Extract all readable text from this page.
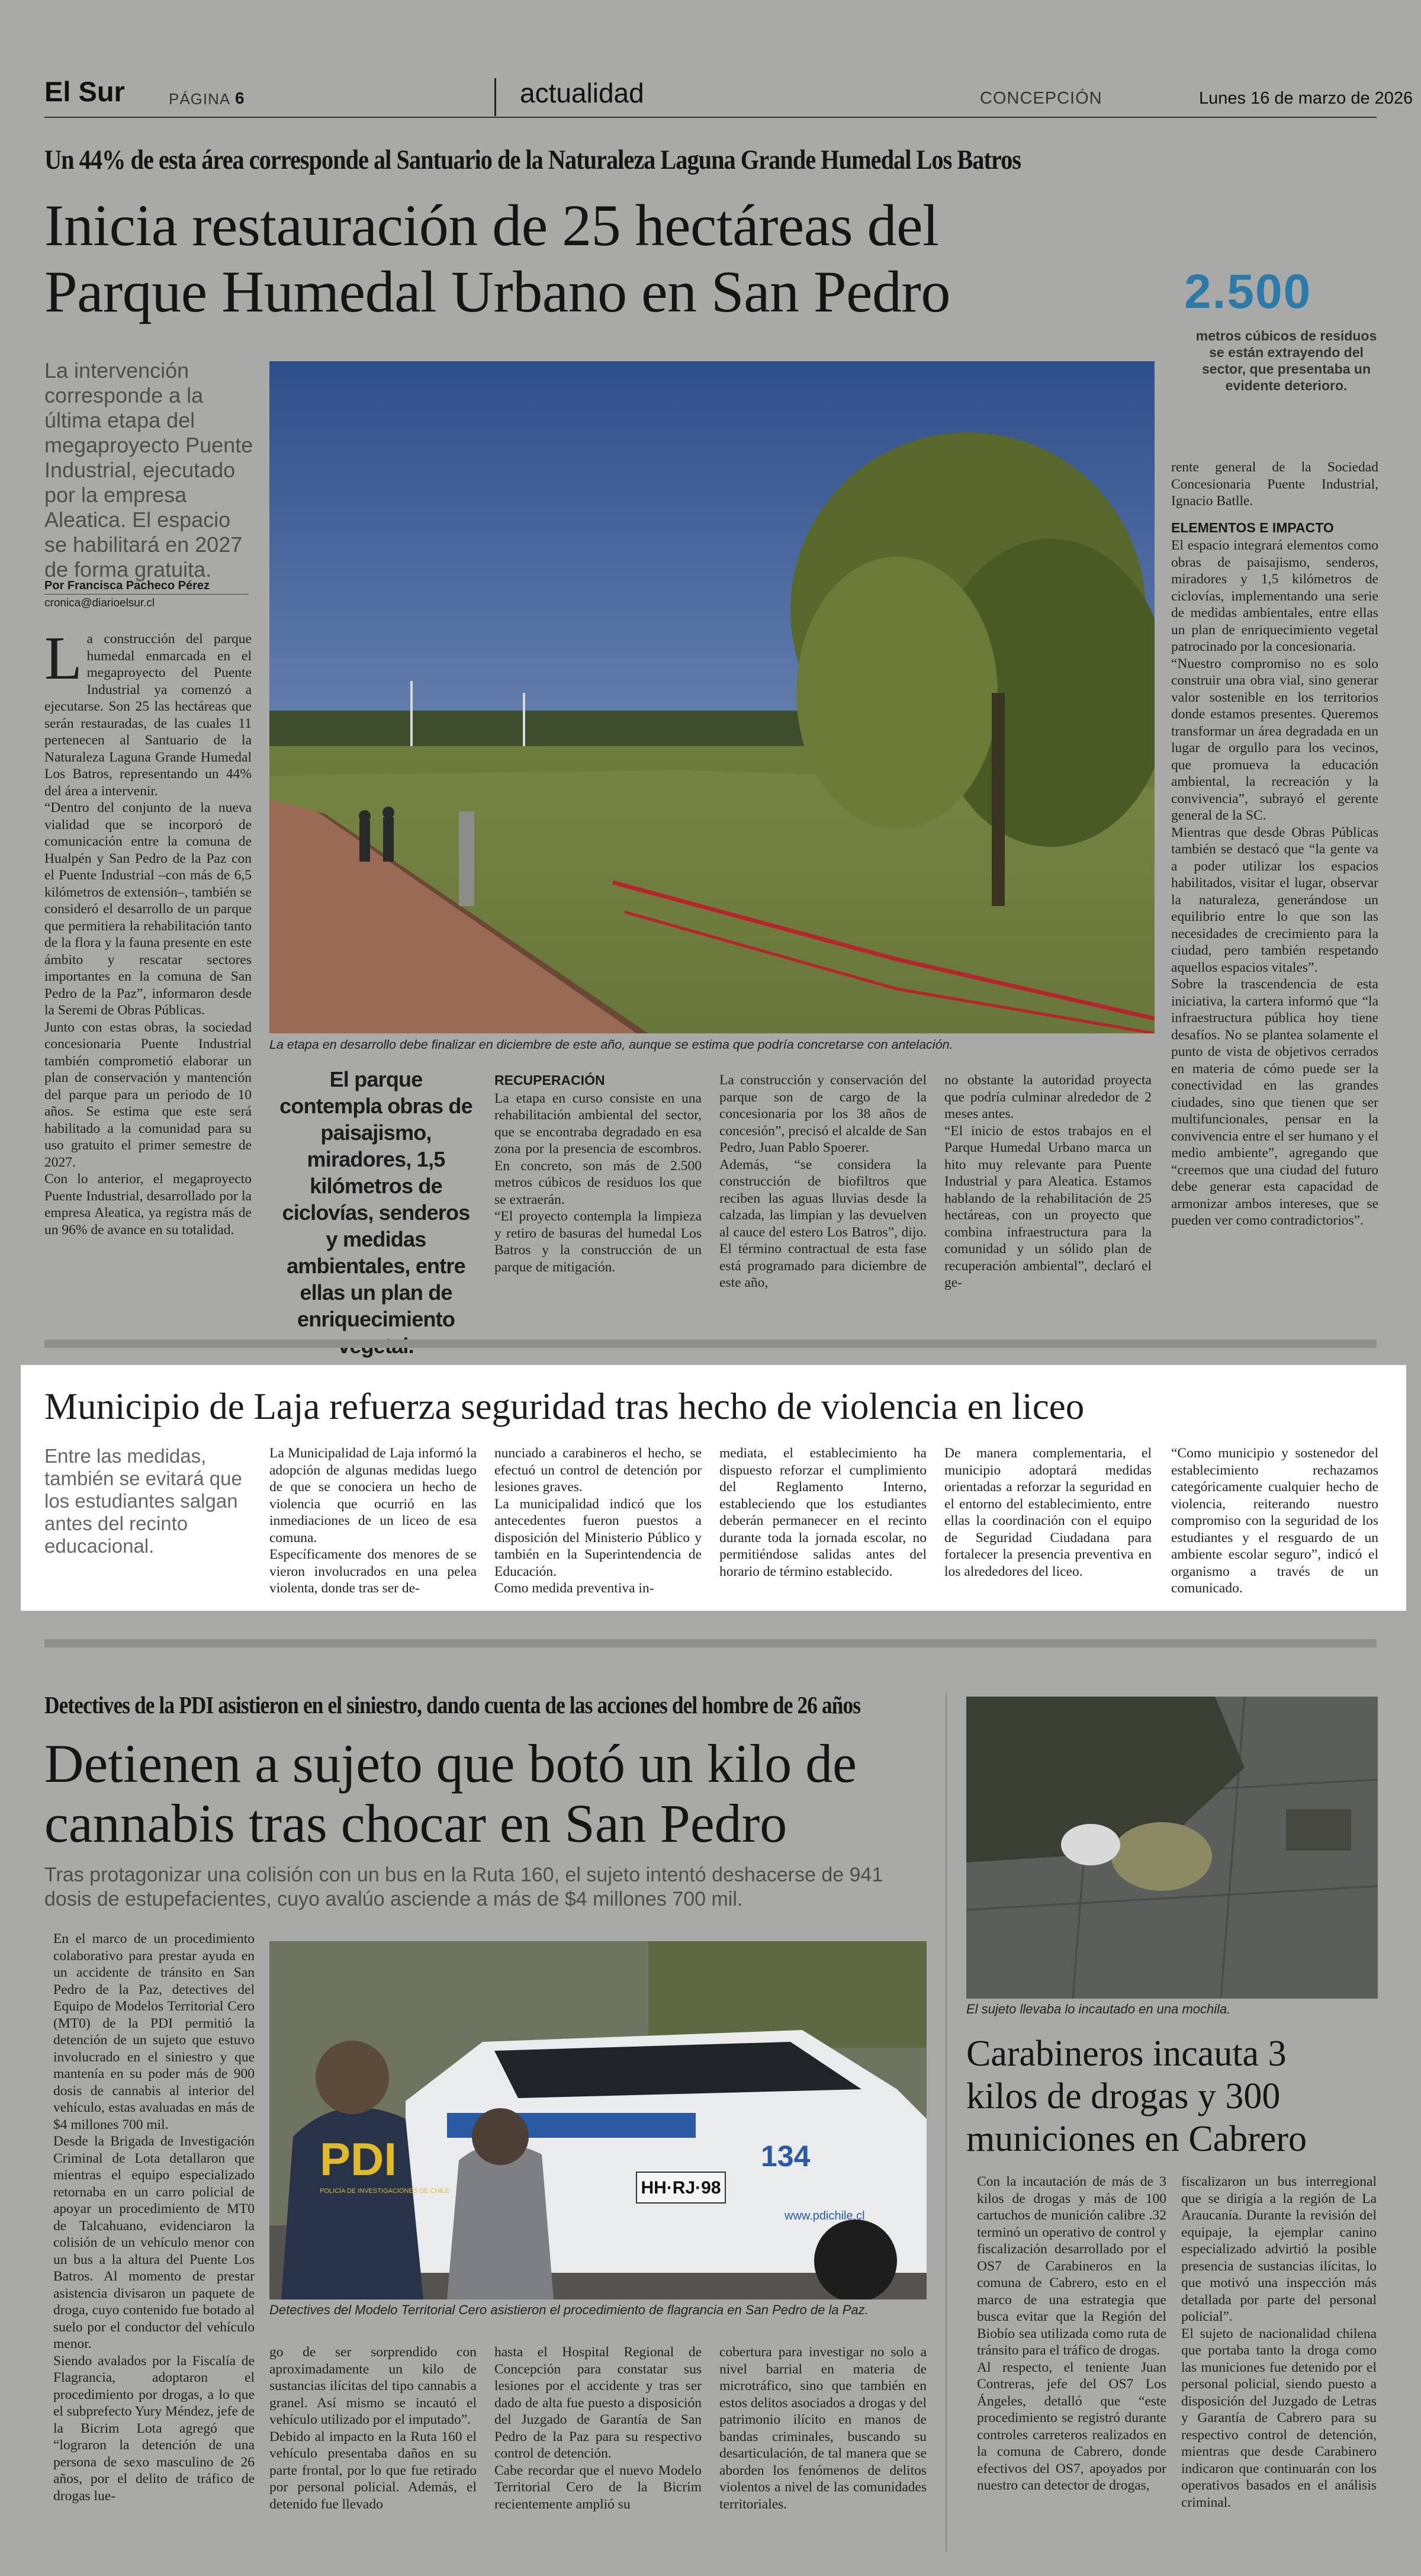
El Sur	PÁGINA 6	actualidad	CONCEPCIÓN	Lunes 16 de marzo de 2026
Un 44% de esta área corresponde al Santuario de la Naturaleza Laguna Grande Humedal Los Batros
Inicia restauración de 25 hectáreas del
Parque Humedal Urbano en San Pedro	2.500
metros cúbicos de residuos se están extrayendo del sector, que presentaba un evidente deterioro.
La intervención corresponde a la última etapa del megaproyecto Puente Industrial, ejecutado por la empresa Aleatica. El espacio se habilitará en 2027 de forma gratuita.
Por Francisca Pacheco Pérez
cronica@diarioelsur.cl

La construcción del parque humedal enmarcada en el megaproyecto del Puente Industrial ya comenzó a ejecutarse. Son 25 las hectáreas que serán restauradas, de las cuales 11 pertenecen al Santuario de la Naturaleza Laguna Grande Humedal Los Batros, representando un 44% del área a intervenir.

“Dentro del conjunto de la nueva vialidad que se incorporó de comunicación entre la comuna de Hualpén y San Pedro de la Paz con el Puente Industrial –con más de 6,5 kilómetros de extensión–, también se consideró el desarrollo de un parque que permitiera la rehabilitación tanto de la flora y la fauna presente en este ámbito y rescatar sectores importantes en la comuna de San Pedro de la Paz”, informaron desde la Seremi de Obras Públicas.

Junto con estas obras, la sociedad concesionaria Puente Industrial también comprometió elaborar un plan de conservación y mantención del parque para un periodo de 10 años. Se estima que este será habilitado a la comunidad para su uso gratuito el primer semestre de 2027.

Con lo anterior, el megaproyecto Puente Industrial, desarrollado por la empresa Aleatica, ya registra más de un 96% de avance en su totalidad.

La etapa en desarrollo debe finalizar en diciembre de este año, aunque se estima que podría concretarse con antelación.
El parque contempla obras de paisajismo, miradores, 1,5 kilómetros de ciclovías, senderos y medidas ambientales, entre ellas un plan de enriquecimiento
RECUPERACIÓN

La etapa en curso consiste en una rehabilitación ambiental del sector, que se encontraba degradado en esa zona por la presencia de escombros. En concreto, son más de 2.500 metros cúbicos de residuos los que se extraerán.

“El proyecto contempla la limpieza y retiro de basuras del humedal Los Batros y la construcción de un parque de mitigación.

La construcción y conservación del parque son de cargo de la concesionaria por los 38 años de concesión”, precisó el alcalde de San Pedro, Juan Pablo Spoerer.

Además, “se considera la construcción de biofiltros que reciben las aguas lluvias desde la calzada, las limpian y las devuelven al cauce del estero Los Batros”, dijo. El término contractual de esta fase está programado para diciembre de este año,

no obstante la autoridad proyecta que podría culminar alrededor de 2 meses antes.

“El inicio de estos trabajos en el Parque Humedal Urbano marca un hito muy relevante para Puente Industrial y para Aleatica. Estamos hablando de la rehabilitación de 25 hectáreas, con un proyecto que combina infraestructura para la comunidad y un sólido plan de recuperación ambiental”, declaró el ge-

rente general de la Sociedad Concesionaria Puente Industrial, Ignacio Batlle.

ELEMENTOS E IMPACTO

El espacio integrará elementos como obras de paisajismo, senderos, miradores y 1,5 kilómetros de ciclovías, implementando una serie de medidas ambientales, entre ellas un plan de enriquecimiento vegetal patrocinado por la concesionaria.

“Nuestro compromiso no es solo construir una obra vial, sino generar valor sostenible en los territorios donde estamos presentes. Queremos transformar un área degradada en un lugar de orgullo para los vecinos, que promueva la educación ambiental, la recreación y la convivencia”, subrayó el gerente general de la SC.

Mientras que desde Obras Públicas también se destacó que “la gente va a poder utilizar los espacios habilitados, visitar el lugar, observar la naturaleza, generándose un equilibrio entre lo que son las necesidades de crecimiento para la ciudad, pero también respetando aquellos espacios vitales”.

Sobre la trascendencia de esta iniciativa, la cartera informó que “la infraestructura pública hoy tiene desafíos. No se plantea solamente el punto de vista de objetivos cerrados en materia de cómo puede ser la conectividad en las grandes ciudades, sino que tienen que ser multifuncionales, pensar en la convivencia entre el ser humano y el medio ambiente”, agregando que “creemos que una ciudad del futuro debe generar esta capacidad de armonizar ambos intereses, que se pueden ver como contradictorios”.

Municipio de Laja refuerza seguridad tras hecho de violencia en liceo
Entre las medidas, también se evitará que los estudiantes salgan antes del recinto educacional.

La Municipalidad de Laja informó la adopción de algunas medidas luego de que se conociera un hecho de violencia que ocurrió en las inmediaciones de un liceo de esa comuna.

Específicamente dos menores de se vieron involucrados en una pelea violenta, donde tras ser de-

nunciado a carabineros el hecho, se efectuó un control de detención por lesiones graves.

La municipalidad indicó que los antecedentes fueron puestos a disposición del Ministerio Público y también en la Superintendencia de Educación.

Como medida preventiva in-

mediata, el establecimiento ha dispuesto reforzar el cumplimiento del Reglamento Interno, estableciendo que los estudiantes deberán permanecer en el recinto durante toda la jornada escolar, no permitiéndose salidas antes del horario de término establecido.

De manera complementaria, el municipio adoptará medidas orientadas a reforzar la seguridad en el entorno del establecimiento, entre ellas la coordinación con el equipo de Seguridad Ciudadana para fortalecer la presencia preventiva en los alrededores del liceo.

“Como municipio y sostenedor del establecimiento rechazamos categóricamente cualquier hecho de violencia, reiterando nuestro compromiso con la seguridad de los estudiantes y el resguardo de un ambiente escolar seguro”, indicó el organismo a través de un comunicado.

Detectives de la PDI asistieron en el siniestro, dando cuenta de las acciones del hombre de 26 años
Detienen a sujeto que botó un kilo de
cannabis tras chocar en San Pedro
Tras protagonizar una colisión con un bus en la Ruta 160, el sujeto intentó deshacerse de 941
dosis de estupefacientes, cuyo avalúo asciende a más de $4 millones 700 mil.

En el marco de un procedimiento colaborativo para prestar ayuda en un accidente de tránsito en San Pedro de la Paz, detectives del Equipo de Modelos Territorial Cero (MT0) de la PDI permitió la detención de un sujeto que estuvo involucrado en el siniestro y que mantenía en su poder más de 900 dosis de cannabis al interior del vehículo, estas avaluadas en más de $4 millones 700 mil.

Desde la Brigada de Investigación Criminal de Lota detallaron que mientras el equipo especializado retornaba en un carro policial de apoyar un procedimiento de MT0 de Talcahuano, evidenciaron la colisión de un vehículo menor con un bus a la altura del Puente Los Batros. Al momento de prestar asistencia divisaron un paquete de droga, cuyo contenido fue botado al suelo por el conductor del vehículo menor.

Siendo avalados por la Fiscalía de Flagrancia, adoptaron el procedimiento por drogas, a lo que el subprefecto Yury Méndez, jefe de la Bicrim Lota agregó que “lograron la detención de una persona de sexo masculino de 26 años, por el delito de tráfico de drogas lue-

HH·RJ·98
134
www.pdichile.cl
PDI
POLICÍA DE INVESTIGACIONES DE CHILE
Detectives del Modelo Territorial Cero asistieron el procedimiento de flagrancia en San Pedro de la Paz.

go de ser sorprendido con aproximadamente un kilo de sustancias ilícitas del tipo cannabis a granel. Así mismo se incautó el vehículo utilizado por el imputado”.

Debido al impacto en la Ruta 160 el vehículo presentaba daños en su parte frontal, por lo que fue retirado por personal policial. Además, el detenido fue llevado

hasta el Hospital Regional de Concepción para constatar sus lesiones por el accidente y tras ser dado de alta fue puesto a disposición del Juzgado de Garantía de San Pedro de la Paz para su respectivo control de detención.

Cabe recordar que el nuevo Modelo Territorial Cero de la Bicrim recientemente amplió su

cobertura para investigar no solo a nivel barrial en materia de microtráfico, sino que también en estos delitos asociados a drogas y del patrimonio ilícito en manos de bandas criminales, buscando su desarticulación, de tal manera que se aborden los fenómenos de delitos violentos a nivel de las comunidades territoriales.

El sujeto llevaba lo incautado en una mochila.
Carabineros incauta 3
kilos de drogas y 300
municiones en Cabrero

Con la incautación de más de 3 kilos de drogas y más de 100 cartuchos de munición calibre .32 terminó un operativo de control y fiscalización desarrollado por el OS7 de Carabineros en la comuna de Cabrero, esto en el marco de una estrategia que busca evitar que la Región del Biobío sea utilizada como ruta de tránsito para el tráfico de drogas.

Al respecto, el teniente Juan Contreras, jefe del OS7 Los Ángeles, detalló que “este procedimiento se registró durante controles carreteros realizados en la comuna de Cabrero, donde efectivos del OS7, apoyados por nuestro can detector de drogas,

fiscalizaron un bus interregional que se dirigía a la región de La Araucanía. Durante la revisión del equipaje, la ejemplar canino especializado advirtió la posible presencia de sustancias ilícitas, lo que motivó una inspección más detallada por parte del personal policial”.

El sujeto de nacionalidad chilena que portaba tanto la droga como las municiones fue detenido por el personal policial, siendo puesto a disposición del Juzgado de Letras y Garantía de Cabrero para su respectivo control de detención, mientras que desde Carabinero indicaron que continuarán con los operativos basados en el análisis criminal.
